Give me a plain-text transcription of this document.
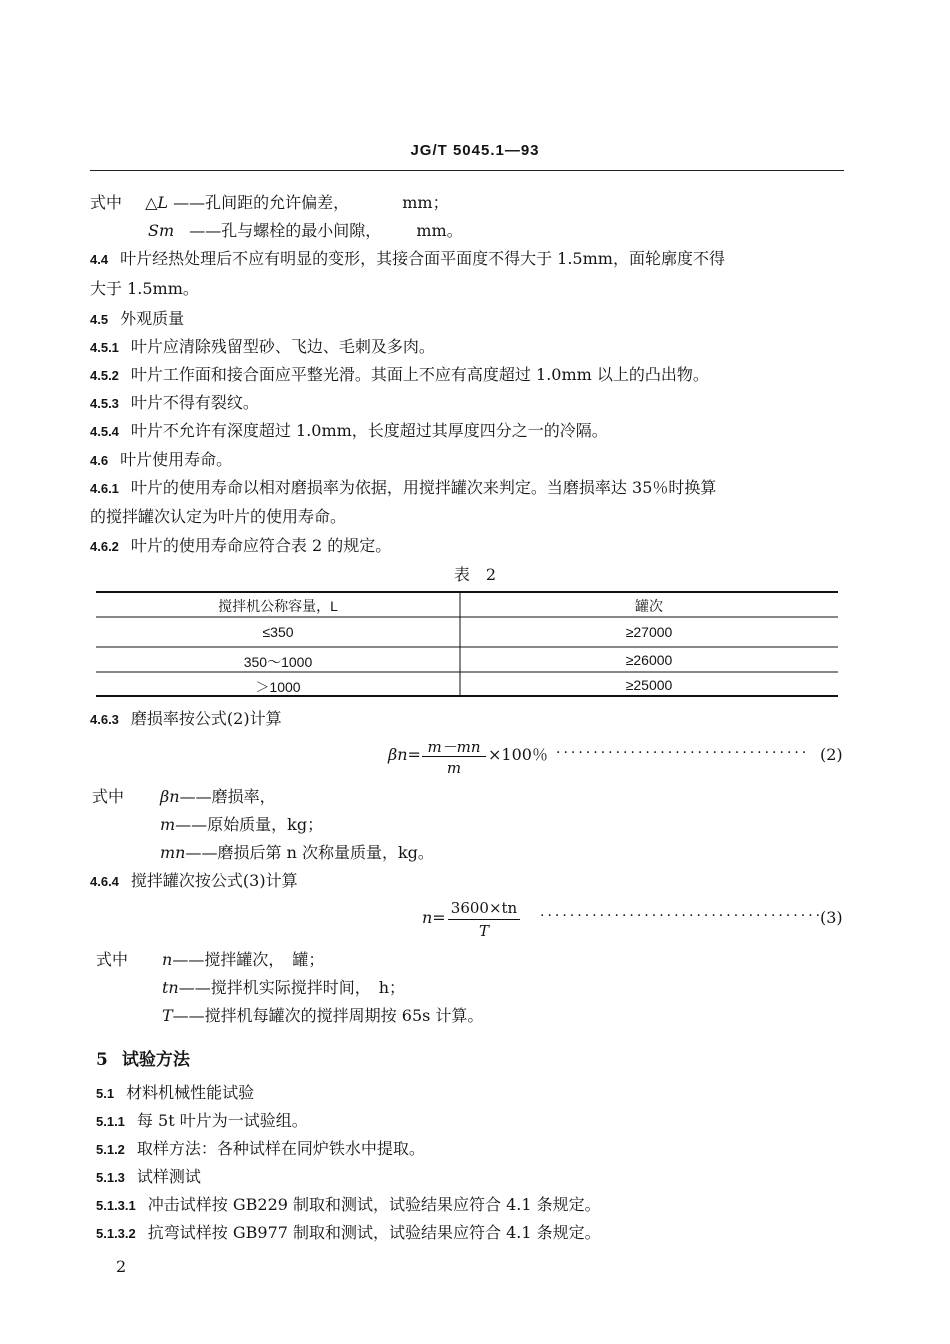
JG/T 5045.1—93
式中 △L ——孔间距的允许偏差，	mm；
Sm ——孔与螺栓的最小间隙， mm。
4.4 叶片经热处理后不应有明显的变形，其接合面平面度不得大于 1.5mm，面轮廓度不得
大于 1.5mm。
4.5 外观质量
4.5.1 叶片应清除残留型砂、飞边、毛刺及多肉。
4.5.2 叶片工作面和接合面应平整光滑。其面上不应有高度超过 1.0mm 以上的凸出物。
4.5.3 叶片不得有裂纹。
4.5.4 叶片不允许有深度超过 1.0mm，长度超过其厚度四分之一的冷隔。
4.6 叶片使用寿命。
4.6.1 叶片的使用寿命以相对磨损率为依据，用搅拌罐次来判定。当磨损率达 35％时换算
的搅拌罐次认定为叶片的使用寿命。
4.6.2 叶片的使用寿命应符合表 2 的规定。
表　2
搅拌机公称容量，L	罐次
≤350	≥27000
350～1000	≥26000
＞1000	≥25000
4.6.3 磨损率按公式(2)计算
βn= m－mn
m
×100％ ·································· (2)
式中 βn——磨损率，
m——原始质量，kg；
mn——磨损后第 n 次称量质量，kg。
4.6.4 搅拌罐次按公式(3)计算
n= 3600×tn
T
······································
(3)
式中 n——搅拌罐次，　罐；
tn——搅拌机实际搅拌时间，　h；
T——搅拌机每罐次的搅拌周期按 65s 计算。
5 试验方法
5.1 材料机械性能试验
5.1.1 每 5t 叶片为一试验组。
5.1.2 取样方法：各种试样在同炉铁水中提取。
5.1.3 试样测试
5.1.3.1 冲击试样按 GB229 制取和测试，试验结果应符合 4.1 条规定。
5.1.3.2 抗弯试样按 GB977 制取和测试，试验结果应符合 4.1 条规定。
2
